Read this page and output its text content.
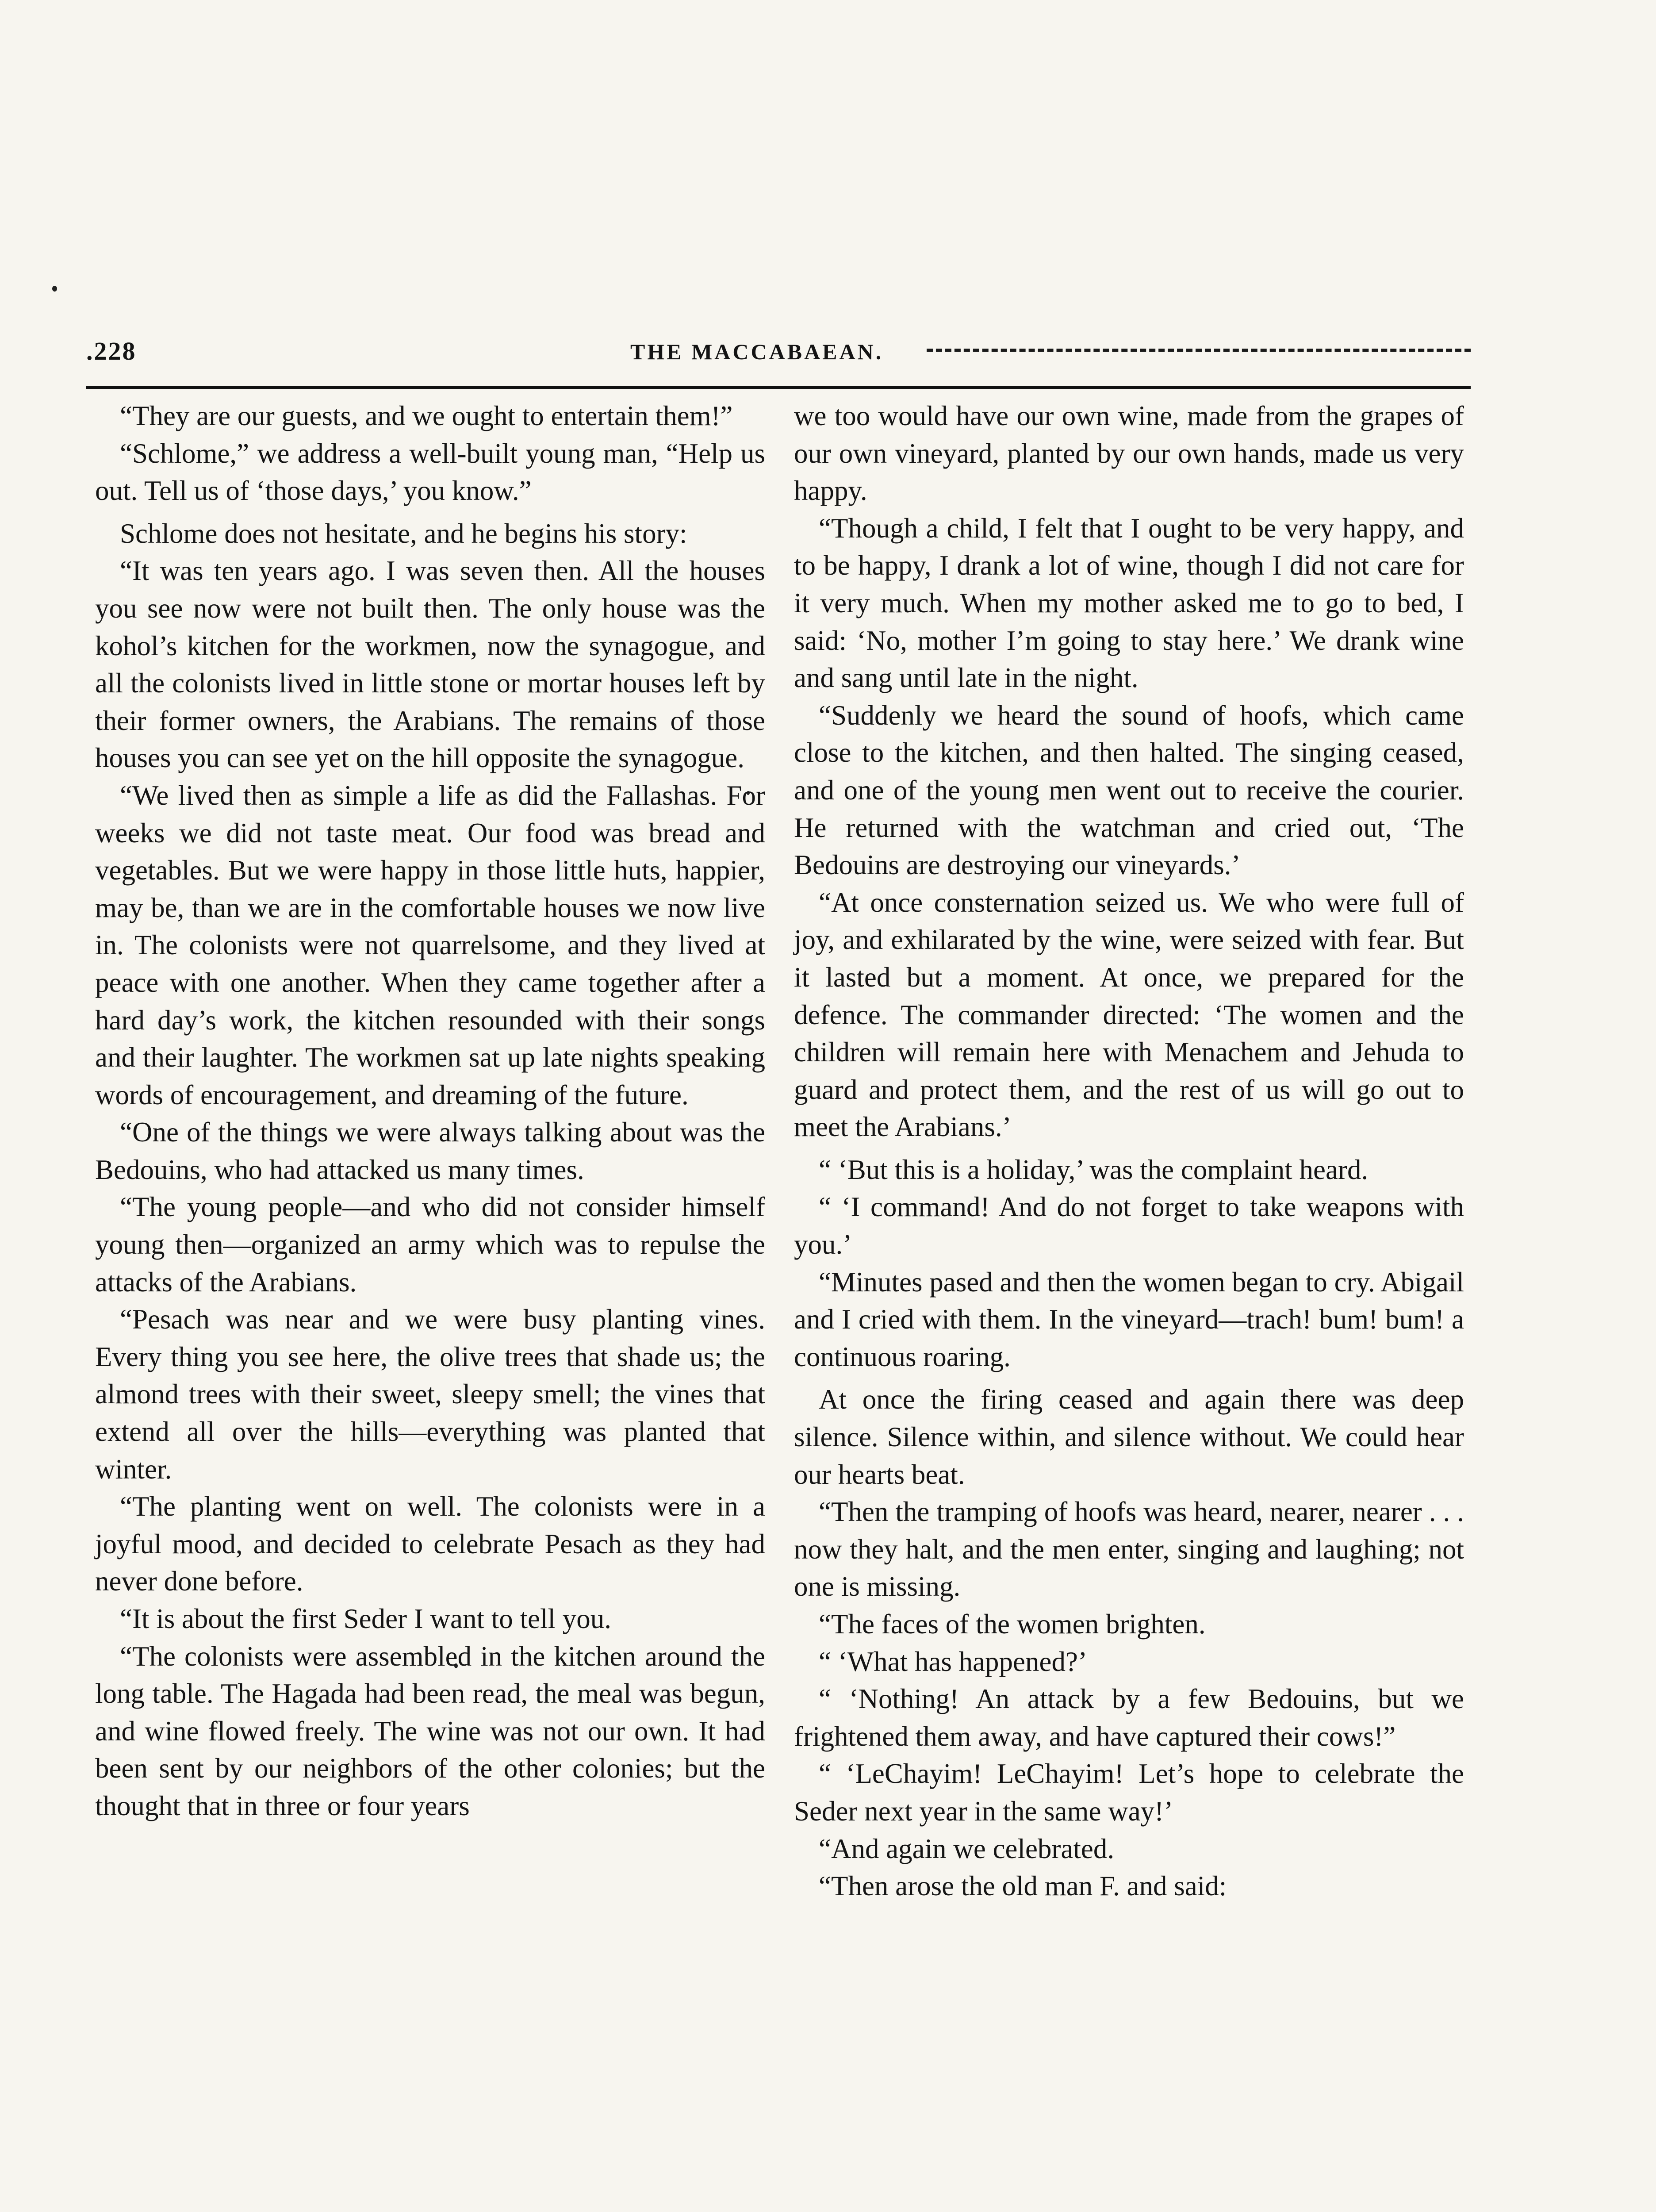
.228	THE MACCABAEAN.

“They are our guests, and we ought to entertain them!”

“Schlome,” we address a well-built young man, “Help us out. Tell us of ‘those days,’ you know.”

Schlome does not hesitate, and he begins his story:

“It was ten years ago. I was seven then. All the houses you see now were not built then. The only house was the kohol’s kitchen for the workmen, now the synagogue, and all the colonists lived in little stone or mortar houses left by their former owners, the Arabians. The remains of those houses you can see yet on the hill opposite the synagogue.

“We lived then as simple a life as did the Fallashas. For weeks we did not taste meat. Our food was bread and vegetables. But we were happy in those little huts, happier, may be, than we are in the comfortable houses we now live in. The colonists were not quarrelsome, and they lived at peace with one another. When they came together after a hard day’s work, the kitchen resounded with their songs and their laughter. The workmen sat up late nights speaking words of encouragement, and dreaming of the future.

“One of the things we were always talking about was the Bedouins, who had attacked us many times.

“The young people—and who did not consider himself young then—organized an army which was to repulse the attacks of the Arabians.

“Pesach was near and we were busy planting vines. Every thing you see here, the olive trees that shade us; the almond trees with their sweet, sleepy smell; the vines that extend all over the hills—everything was planted that winter.

“The planting went on well. The colonists were in a joyful mood, and decided to celebrate Pesach as they had never done before.

“It is about the first Seder I want to tell you.

“The colonists were assembled in the kitchen around the long table. The Hagada had been read, the meal was begun, and wine flowed freely. The wine was not our own. It had been sent by our neighbors of the other colonies; but the thought that in three or four years

we too would have our own wine, made from the grapes of our own vineyard, planted by our own hands, made us very happy.

“Though a child, I felt that I ought to be very happy, and to be happy, I drank a lot of wine, though I did not care for it very much. When my mother asked me to go to bed, I said: ‘No, mother I’m going to stay here.’ We drank wine and sang until late in the night.

“Suddenly we heard the sound of hoofs, which came close to the kitchen, and then halted. The singing ceased, and one of the young men went out to receive the courier. He returned with the watchman and cried out, ‘The Bedouins are destroying our vineyards.’

“At once consternation seized us. We who were full of joy, and exhilarated by the wine, were seized with fear. But it lasted but a moment. At once, we prepared for the defence. The commander directed: ‘The women and the children will remain here with Menachem and Jehuda to guard and protect them, and the rest of us will go out to meet the Arabians.’

“ ‘But this is a holiday,’ was the complaint heard.

“ ‘I command! And do not forget to take weapons with you.’

“Minutes pased and then the women began to cry. Abigail and I cried with them. In the vineyard—trach! bum! bum! a continuous roaring.

At once the firing ceased and again there was deep silence. Silence within, and silence without. We could hear our hearts beat.

“Then the tramping of hoofs was heard, nearer, nearer . . . now they halt, and the men enter, singing and laughing; not one is missing.

“The faces of the women brighten.

“ ‘What has happened?’

“ ‘Nothing! An attack by a few Bedouins, but we frightened them away, and have captured their cows!”

“ ‘LeChayim! LeChayim! Let’s hope to celebrate the Seder next year in the same way!’

“And again we celebrated.

“Then arose the old man F. and said:
